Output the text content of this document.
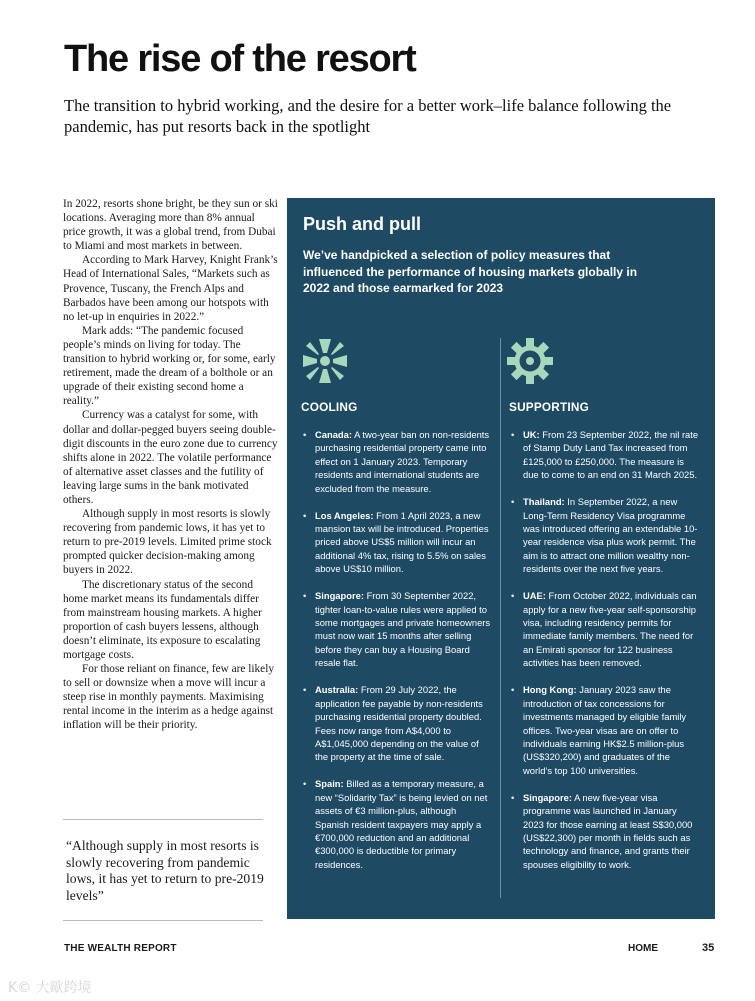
The rise of the resort

The transition to hybrid working, and the desire for a better work–life balance following the pandemic, has put resorts back in the spotlight

In 2022, resorts shone bright, be they sun or ski locations. Averaging more than 8% annual price growth, it was a global trend, from Dubai to Miami and most markets in between.

According to Mark Harvey, Knight Frank’s Head of International Sales, “Markets such as Provence, Tuscany, the French Alps and Barbados have been among our hotspots with no let-up in enquiries in 2022.”

Mark adds: “The pandemic focused people’s minds on living for today. The transition to hybrid working or, for some, early retirement, made the dream of a bolthole or an upgrade of their existing second home a reality.”

Currency was a catalyst for some, with dollar and dollar-pegged buyers seeing double-digit discounts in the euro zone due to currency shifts alone in 2022. The volatile performance of alternative asset classes and the futility of leaving large sums in the bank motivated others.

Although supply in most resorts is slowly recovering from pandemic lows, it has yet to return to pre-2019 levels. Limited prime stock prompted quicker decision-making among buyers in 2022.

The discretionary status of the second home market means its fundamentals differ from mainstream housing markets. A higher proportion of cash buyers lessens, although doesn’t eliminate, its exposure to escalating mortgage costs.

For those reliant on finance, few are likely to sell or downsize when a move will incur a steep rise in monthly payments. Maximising rental income in the interim as a hedge against inflation will be their priority.

“Although supply in most resorts is slowly recovering from pandemic lows, it has yet to return to pre-2019 levels”

Push and pull

We’ve handpicked a selection of policy measures that influenced the performance of housing markets globally in 2022 and those earmarked for 2023

COOLING	SUPPORTING
• Canada: A two-year ban on non-residents purchasing residential property came into effect on 1 January 2023. Temporary residents and international students are excluded from the measure.
• Los Angeles: From 1 April 2023, a new mansion tax will be introduced. Properties priced above US$5 million will incur an additional 4% tax, rising to 5.5% on sales above US$10 million.
• Singapore: From 30 September 2022, tighter loan-to-value rules were applied to some mortgages and private homeowners must now wait 15 months after selling before they can buy a Housing Board resale flat.
• Australia: From 29 July 2022, the application fee payable by non-residents purchasing residential property doubled. Fees now range from A$4,000 to A$1,045,000 depending on the value of the property at the time of sale.
• Spain: Billed as a temporary measure, a new “Solidarity Tax” is being levied on net assets of €3 million-plus, although Spanish resident taxpayers may apply a €700,000 reduction and an additional €300,000 is deductible for primary residences.
• UK: From 23 September 2022, the nil rate of Stamp Duty Land Tax increased from £125,000 to £250,000. The measure is due to come to an end on 31 March 2025.
• Thailand: In September 2022, a new Long-Term Residency Visa programme was introduced offering an extendable 10-year residence visa plus work permit. The aim is to attract one million wealthy non-residents over the next five years.
• UAE: From October 2022, individuals can apply for a new five-year self-sponsorship visa, including residency permits for immediate family members. The need for an Emirati sponsor for 122 business activities has been removed.
• Hong Kong: January 2023 saw the introduction of tax concessions for investments managed by eligible family offices. Two-year visas are on offer to individuals earning HK$2.5 million-plus (US$320,200) and graduates of the world’s top 100 universities.
• Singapore: A new five-year visa programme was launched in January 2023 for those earning at least S$30,000 (US$22,300) per month in fields such as technology and finance, and grants their spouses eligibility to work.

THE WEALTH REPORT	HOME	35

K© 大歐跨境
